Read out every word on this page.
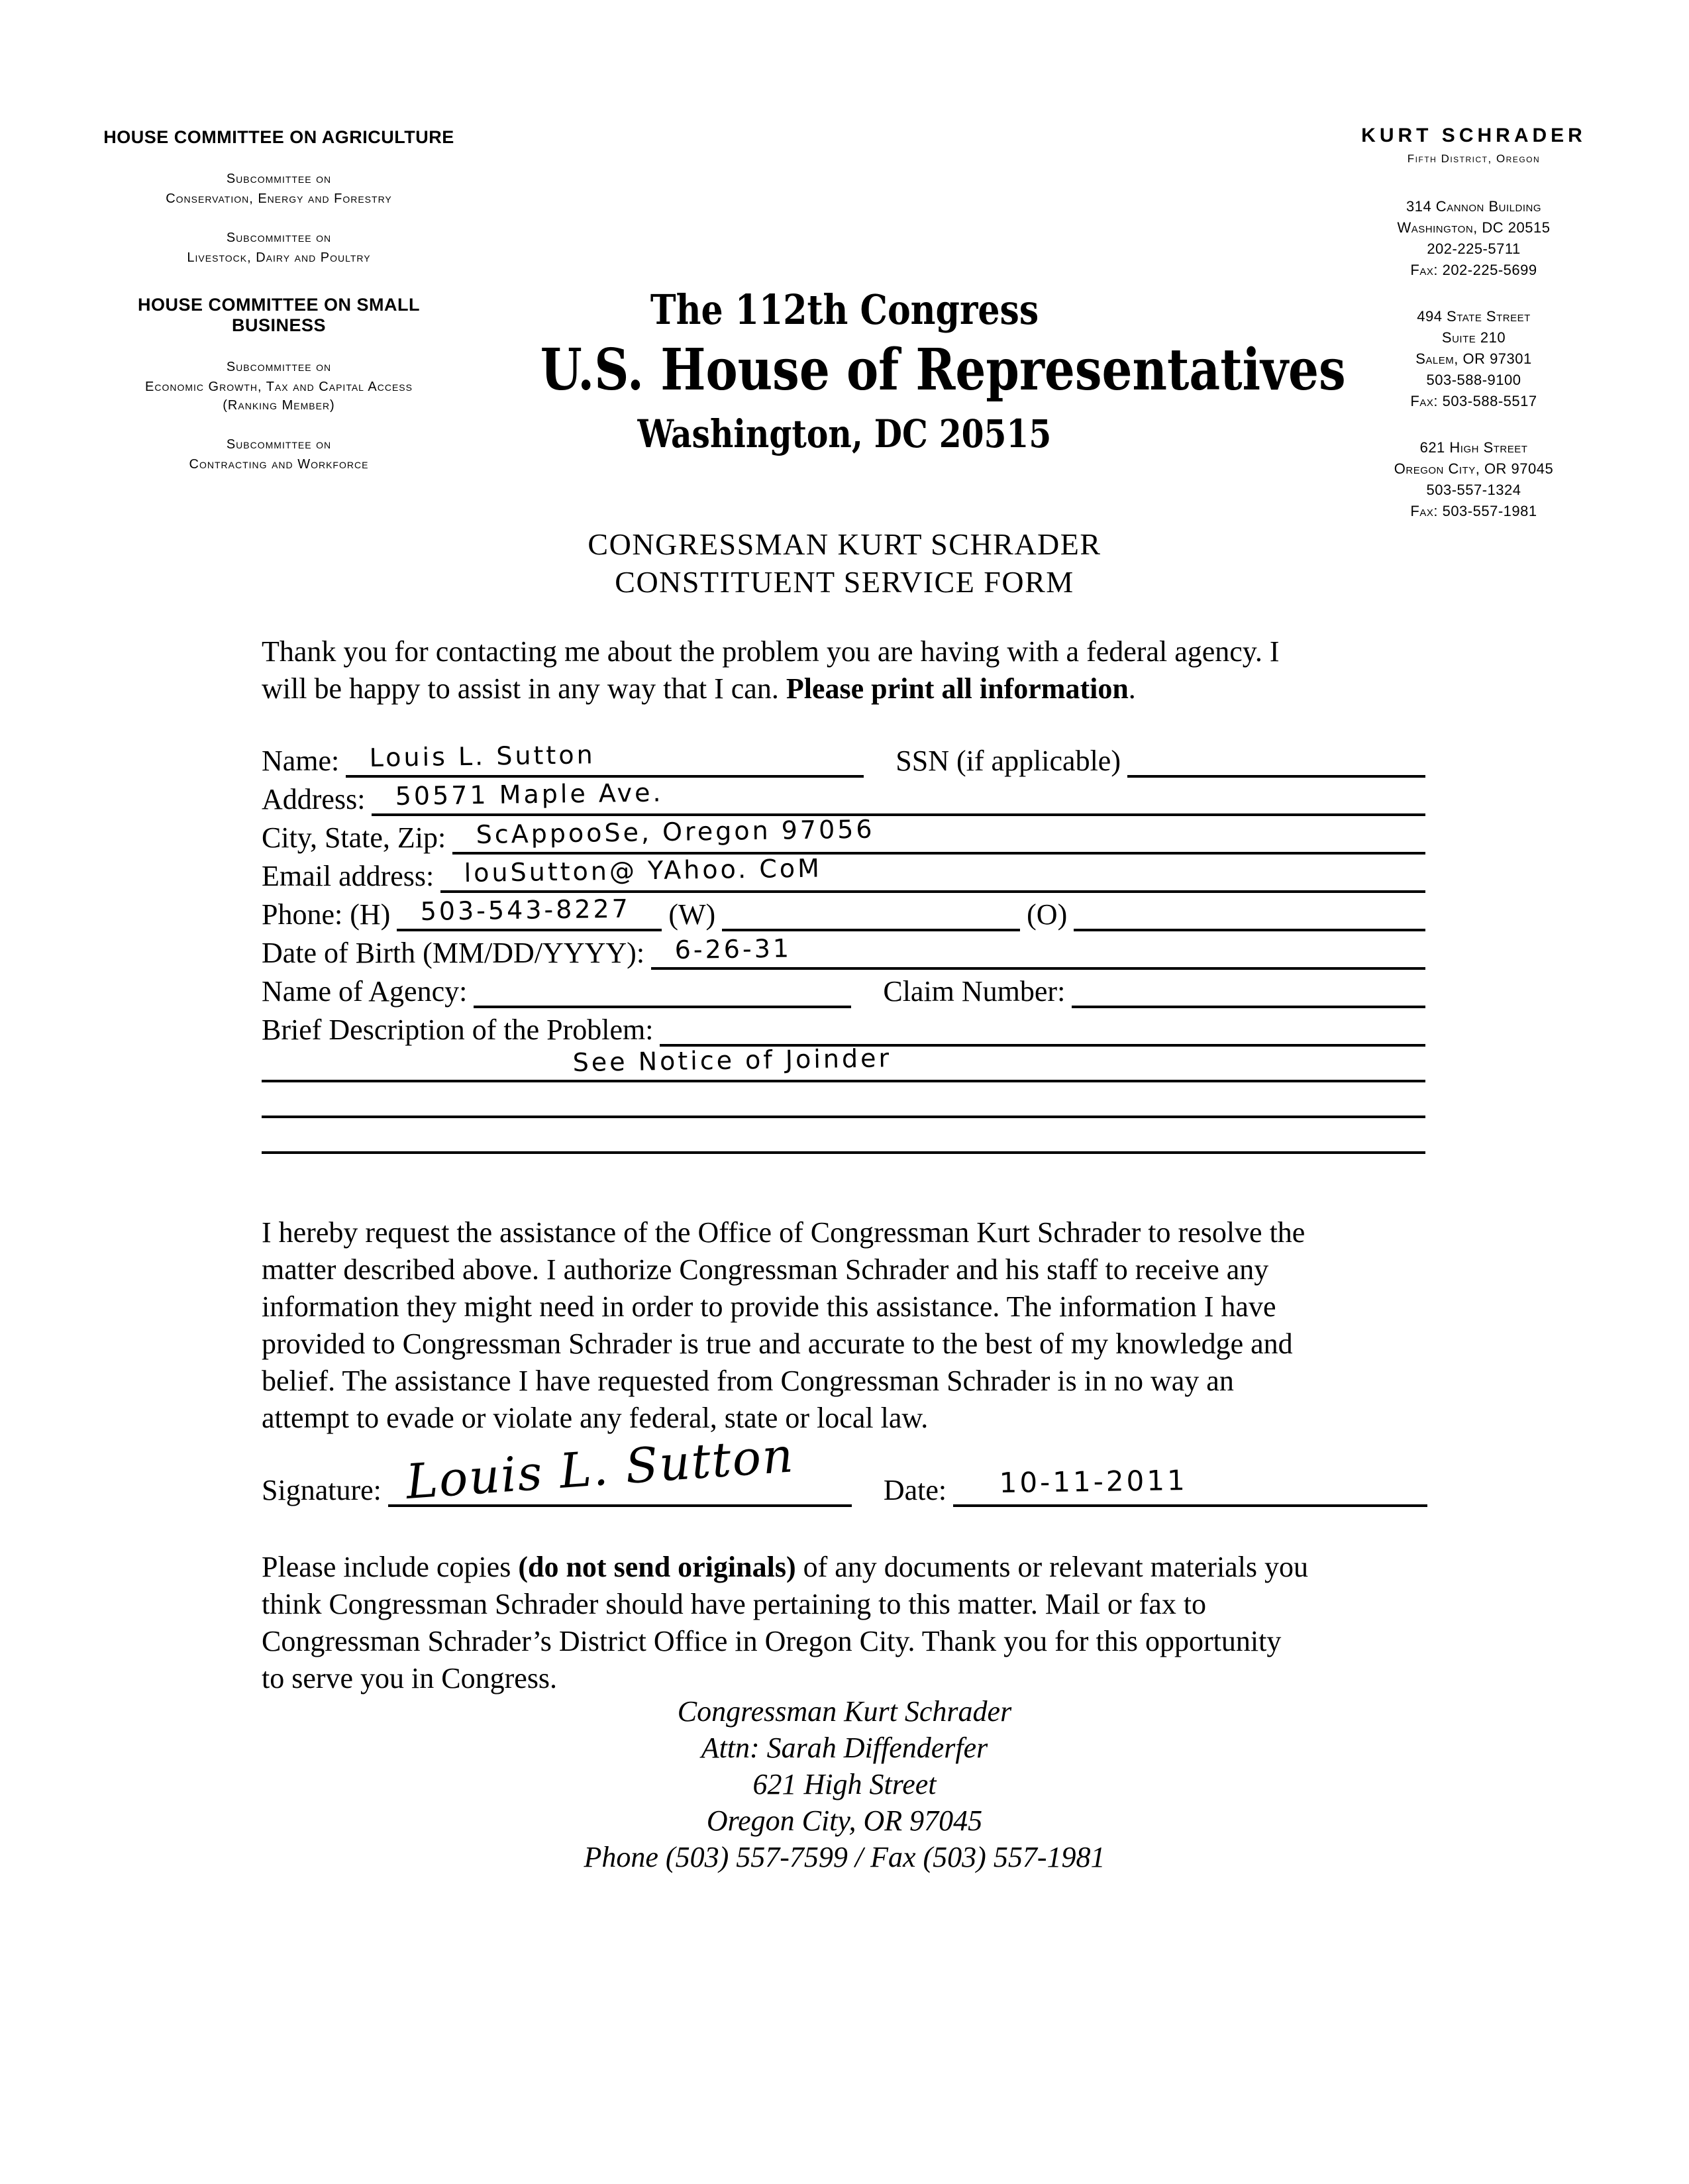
HOUSE COMMITTEE ON AGRICULTURE
Subcommittee on
Conservation, Energy and Forestry
Subcommittee on
Livestock, Dairy and Poultry
HOUSE COMMITTEE ON SMALL BUSINESS
Subcommittee on
Economic Growth, Tax and Capital Access
(Ranking Member)
Subcommittee on
Contracting and Workforce
The 112th Congress
U.S. House of Representatives
Washington, DC 20515
KURT SCHRADER
Fifth District, Oregon
314 Cannon Building
Washington, DC 20515
202-225-5711
Fax: 202-225-5699
494 State Street
Suite 210
Salem, OR 97301
503-588-9100
Fax: 503-588-5517
621 High Street
Oregon City, OR 97045
503-557-1324
Fax: 503-557-1981
CONGRESSMAN KURT SCHRADER
CONSTITUENT SERVICE FORM
Thank you for contacting me about the problem you are having with a federal agency. I
will be happy to assist in any way that I can. Please print all information.
Name: Louis L. Sutton	SSN (if applicable)
Address: 50571 Maple Ave.
City, State, Zip: ScAppooSe, Oregon 97056
Email address: louSutton@ YAhoo. CoM
Phone: (H) 503-543-8227 (W)	(O)
Date of Birth (MM/DD/YYYY): 6-26-31
Name of Agency:	Claim Number:
Brief Description of the Problem:
See Notice of Joinder
I hereby request the assistance of the Office of Congressman Kurt Schrader to resolve the
matter described above. I authorize Congressman Schrader and his staff to receive any
information they might need in order to provide this assistance. The information I have
provided to Congressman Schrader is true and accurate to the best of my knowledge and
belief. The assistance I have requested from Congressman Schrader is in no way an
attempt to evade or violate any federal, state or local law.
Signature: Louis L. Sutton	Date: 10-11-2011
Please include copies (do not send originals) of any documents or relevant materials you
think Congressman Schrader should have pertaining to this matter. Mail or fax to
Congressman Schrader’s District Office in Oregon City. Thank you for this opportunity
to serve you in Congress.
Congressman Kurt Schrader
Attn: Sarah Diffenderfer
621 High Street
Oregon City, OR 97045
Phone (503) 557-7599 / Fax (503) 557-1981
